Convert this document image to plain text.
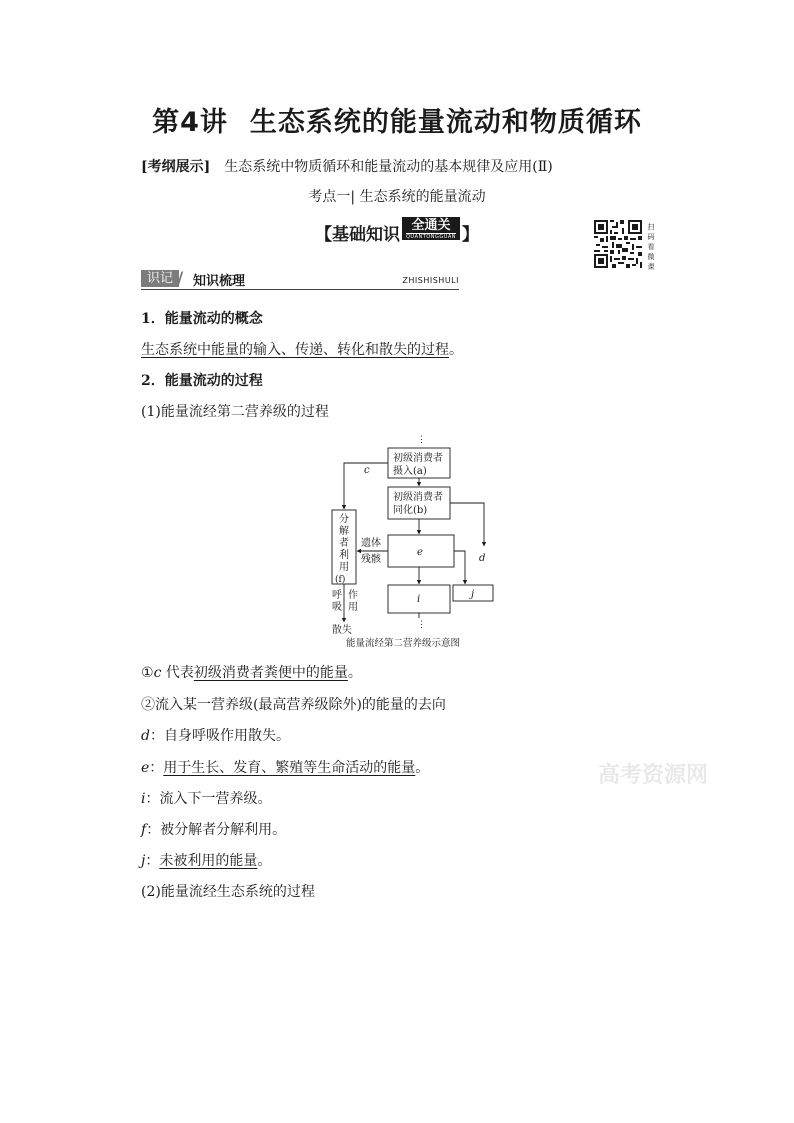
第4讲 生态系统的能量流动和物质循环
[考纲展示] 生态系统中物质循环和能量流动的基本规律及应用(Ⅱ)
考点一| 生态系统的能量流动
【基础知识 全通关
QUANTONGGUAN 】	扫
码
看
微
课
识记 / 知识梳理	ZHISHISHULI
1．能量流动的概念
生态系统中能量的输入、传递、转化和散失的过程。
2．能量流动的过程
(1)能量流经第二营养级的过程
⋮
初级消费者
摄入(a)
初级消费者
同化(b)
e
i	j
c
d
遗体
残骸
分
解
者
利
用
(f)
呼
吸
作
用
散失	⋮
能量流经第二营养级示意图
①c 代表初级消费者粪便中的能量。
②流入某一营养级(最高营养级除外)的能量的去向
d：自身呼吸作用散失。
e：用于生长、发育、繁殖等生命活动的能量。
i：流入下一营养级。
f：被分解者分解利用。
j：未被利用的能量。
(2)能量流经生态系统的过程
高考资源网
